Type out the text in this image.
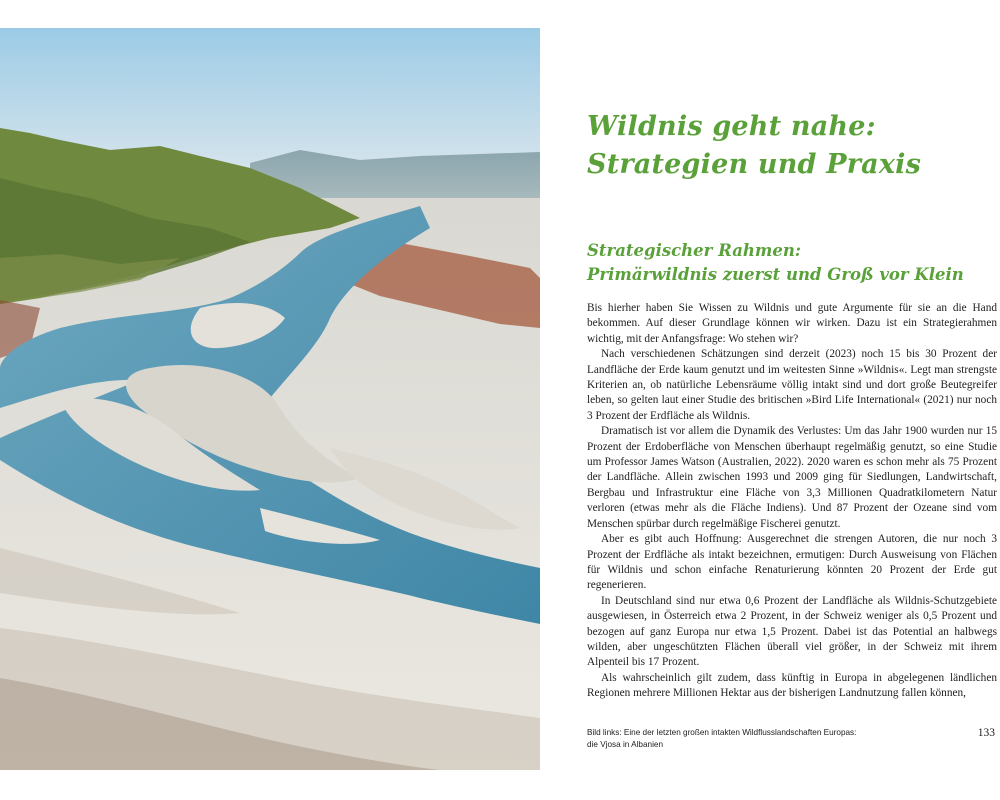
Wildnis geht nahe:
Strategien und Praxis
Strategischer Rahmen:
Primärwildnis zuerst und Groß vor Klein

Bis hierher haben Sie Wissen zu Wildnis und gute Argumente für sie an die Hand bekommen. Auf dieser Grundlage können wir wirken. Dazu ist ein Strategierahmen wichtig, mit der Anfangsfrage: Wo stehen wir?

Nach verschiedenen Schätzungen sind derzeit (2023) noch 15 bis 30 Prozent der Landfläche der Erde kaum genutzt und im weitesten Sinne »Wildnis«. Legt man strengste Kriterien an, ob natürliche Lebensräume völlig intakt sind und dort große Beutegreifer leben, so gelten laut einer Studie des britischen »Bird Life International« (2021) nur noch 3 Prozent der Erdfläche als Wildnis.

Dramatisch ist vor allem die Dynamik des Verlustes: Um das Jahr 1900 wurden nur 15 Prozent der Erdoberfläche von Menschen überhaupt regelmäßig genutzt, so eine Studie um Professor James Watson (Australien, 2022). 2020 waren es schon mehr als 75 Prozent der Landfläche. Allein zwischen 1993 und 2009 ging für Siedlungen, Landwirtschaft, Bergbau und Infrastruktur eine Fläche von 3,3 Millionen Quadratkilometern Natur verloren (etwas mehr als die Fläche Indiens). Und 87 Prozent der Ozeane sind vom Menschen spürbar durch regelmäßige Fischerei genutzt.

Aber es gibt auch Hoffnung: Ausgerechnet die strengen Autoren, die nur noch 3 Prozent der Erdfläche als intakt bezeichnen, ermutigen: Durch Ausweisung von Flächen für Wildnis und schon einfache Renaturierung könnten 20 Prozent der Erde gut regenerieren.

In Deutschland sind nur etwa 0,6 Prozent der Landfläche als Wildnis-Schutzgebiete ausgewiesen, in Österreich etwa 2 Prozent, in der Schweiz weniger als 0,5 Prozent und bezogen auf ganz Europa nur etwa 1,5 Prozent. Dabei ist das Potential an halbwegs wilden, aber ungeschützten Flächen überall viel größer, in der Schweiz mit ihrem Alpenteil bis 17 Prozent.

Als wahrscheinlich gilt zudem, dass künftig in Europa in abgelegenen ländlichen Regionen mehrere Millionen Hektar aus der bisherigen Landnutzung fallen können,

Bild links: Eine der letzten großen intakten Wildflusslandschaften Europas:
die Vjosa in Albanien
133
